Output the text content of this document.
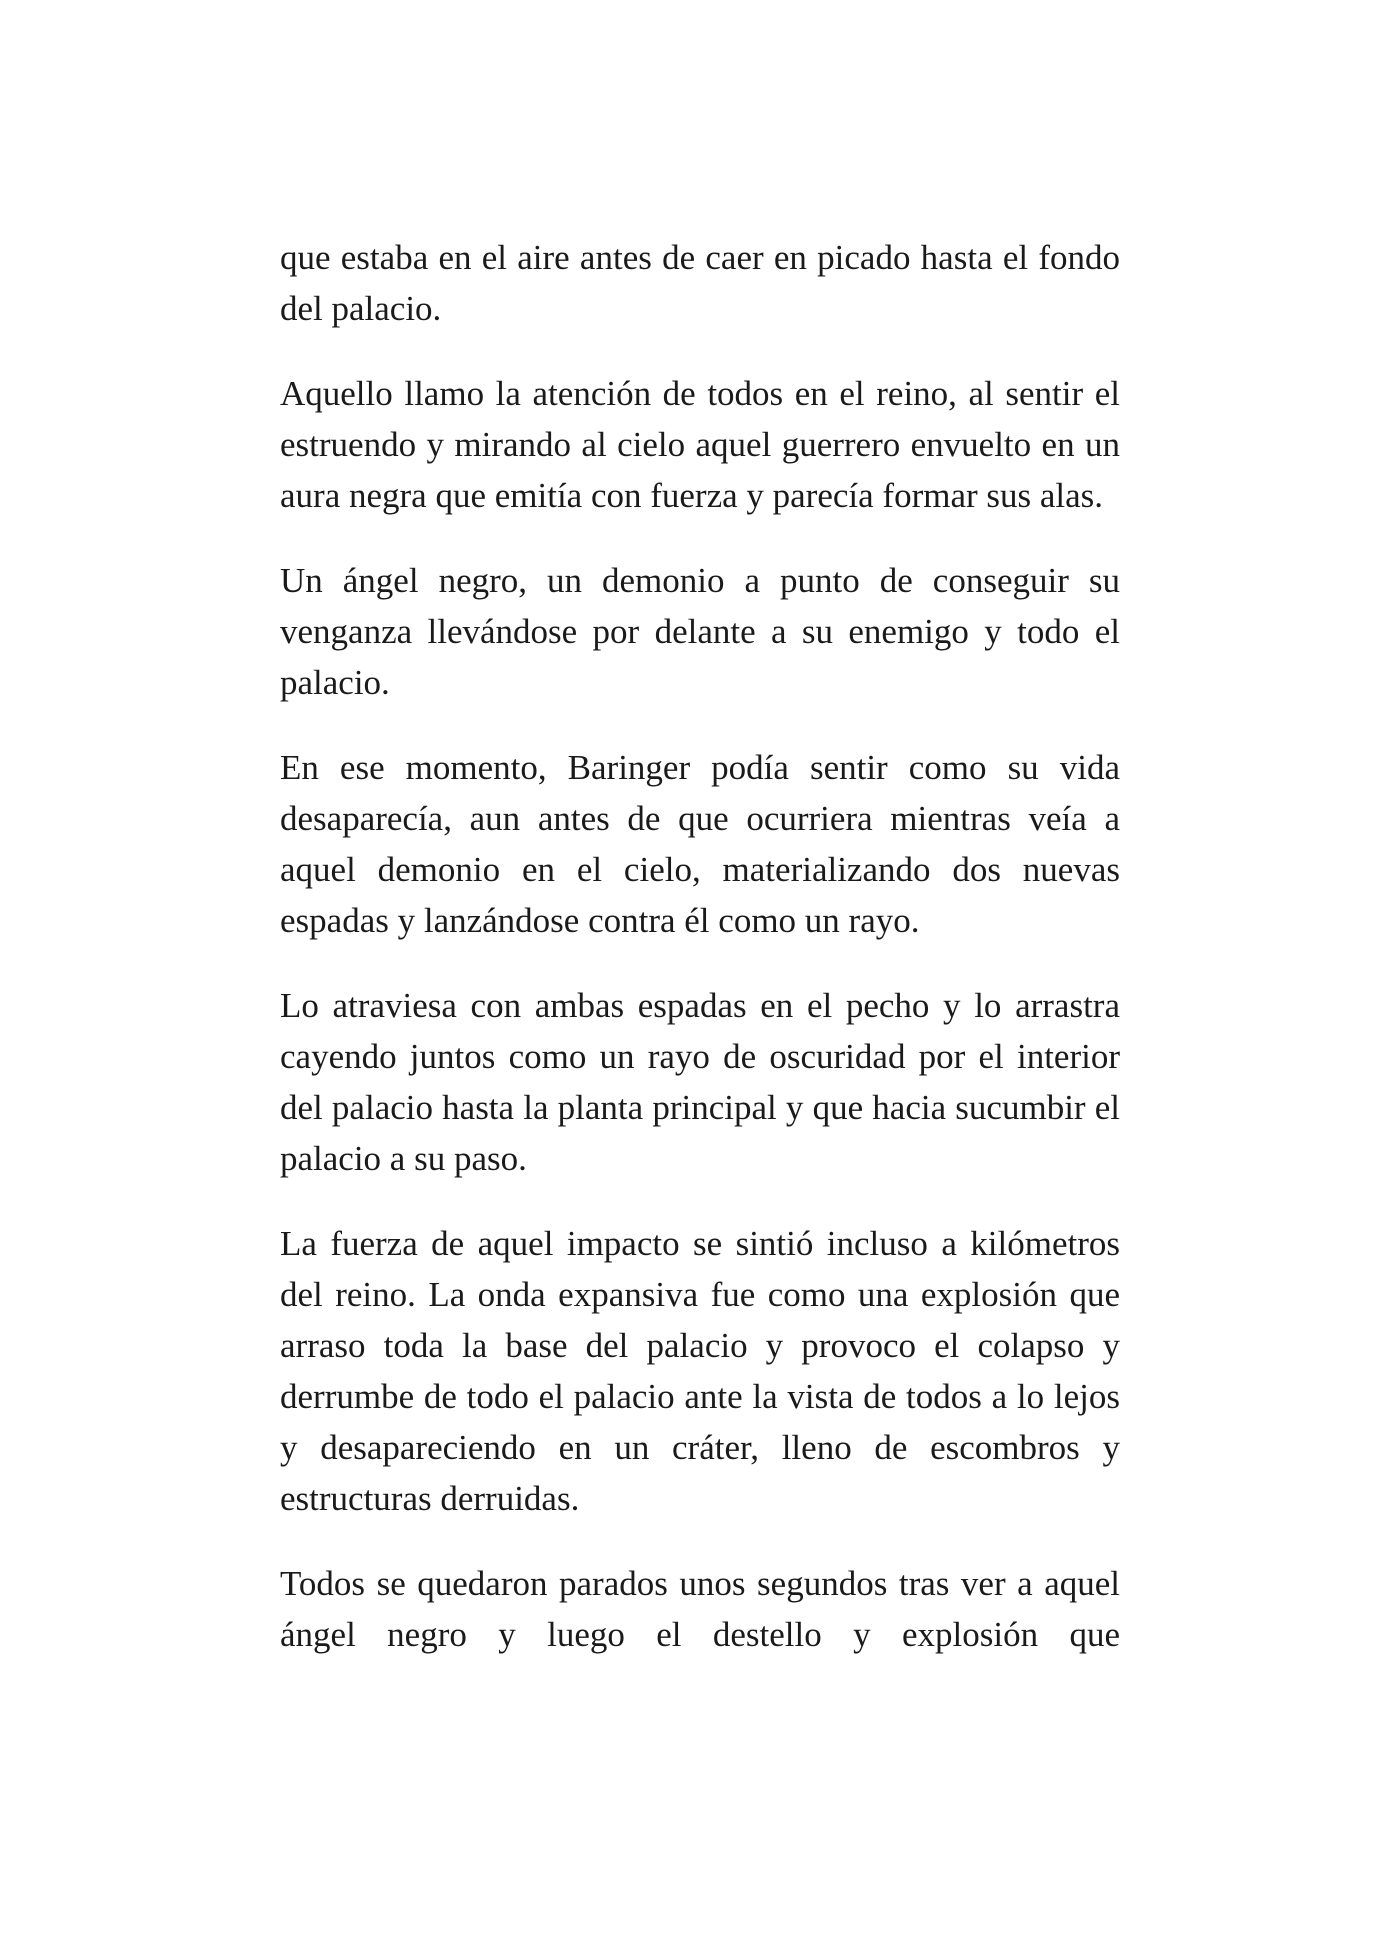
que estaba en el aire antes de caer en picado hasta el fondo del palacio.

Aquello llamo la atención de todos en el reino, al sentir el estruendo y mirando al cielo aquel guerrero envuelto en un aura negra que emitía con fuerza y parecía formar sus alas.

Un ángel negro, un demonio a punto de conseguir su venganza llevándose por delante a su enemigo y todo el palacio.

En ese momento, Baringer podía sentir como su vida desaparecía, aun antes de que ocurriera mientras veía a aquel demonio en el cielo, materializando dos nuevas espadas y lanzándose contra él como un rayo.

Lo atraviesa con ambas espadas en el pecho y lo arrastra cayendo juntos como un rayo de oscuridad por el interior del palacio hasta la planta principal y que hacia sucumbir el palacio a su paso.

La fuerza de aquel impacto se sintió incluso a kilómetros del reino. La onda expansiva fue como una explosión que arraso toda la base del palacio y provoco el colapso y derrumbe de todo el palacio ante la vista de todos a lo lejos y desapareciendo en un cráter, lleno de escombros y estructuras derruidas.

Todos se quedaron parados unos segundos tras ver a aquel ángel negro y luego el destello y explosión que
